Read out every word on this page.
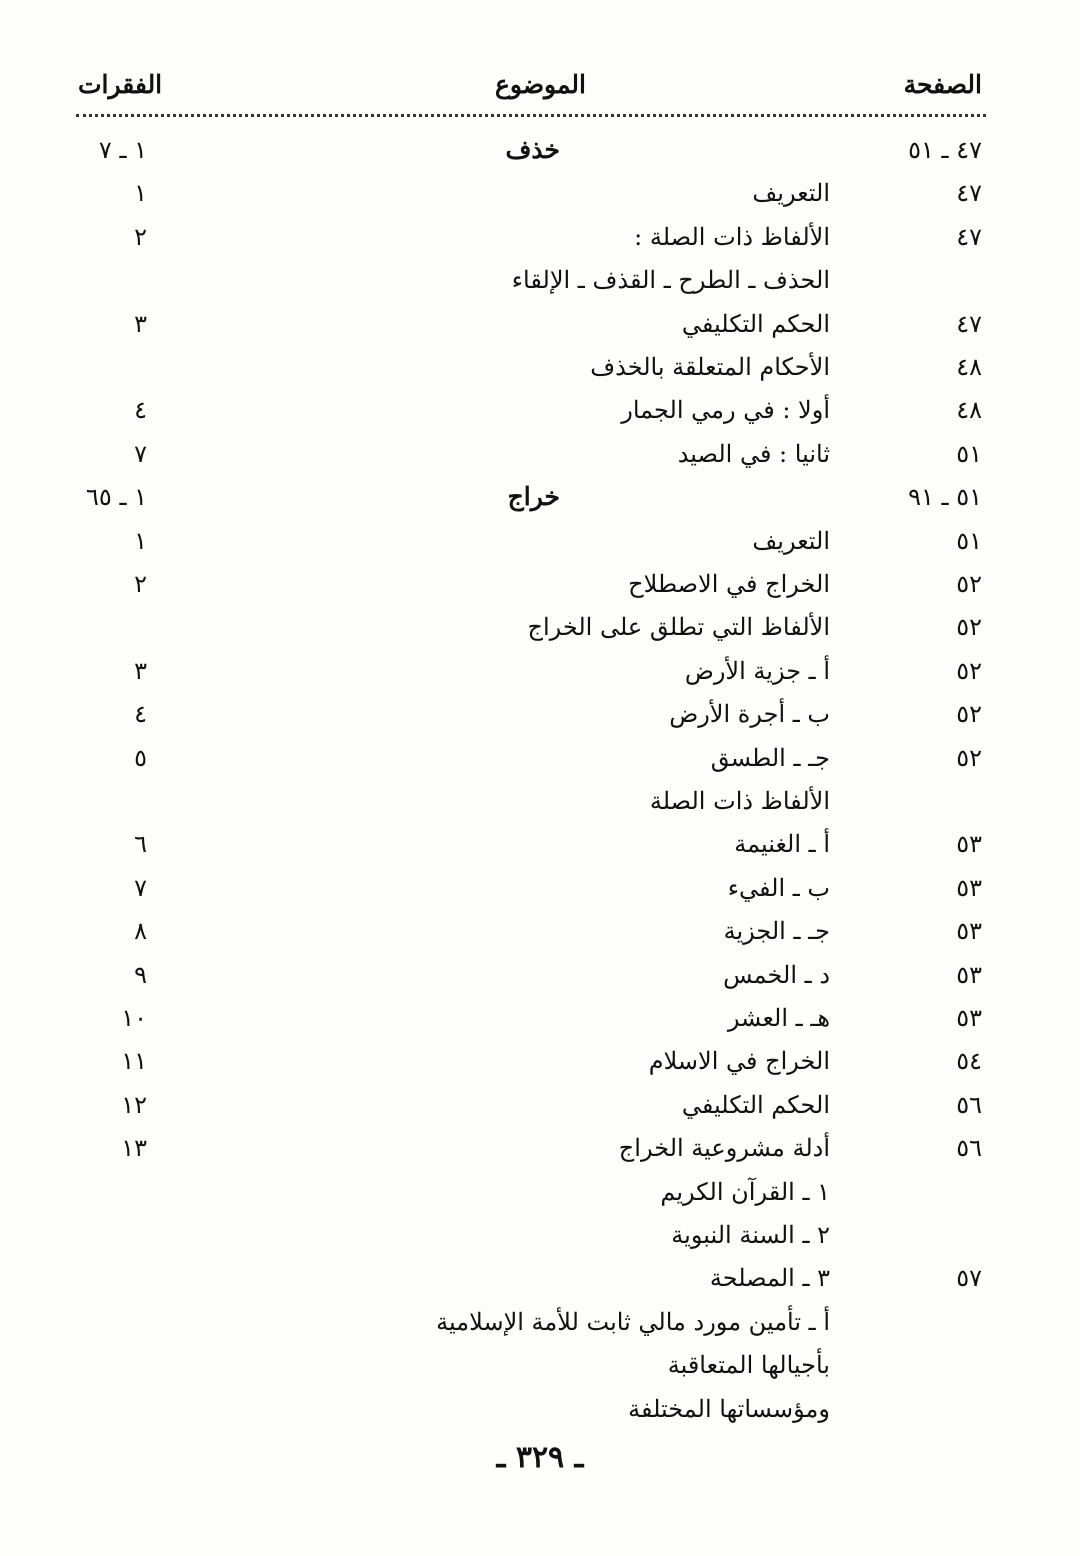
الصفحة
الموضوع
الفقرات
٤٧ ـ ٥١
خذف
١ ـ ٧
٤٧
التعريف
١
٤٧
الألفاظ ذات الصلة :
٢
الحذف ـ الطرح ـ القذف ـ الإلقاء
٤٧
الحكم التكليفي
٣
٤٨
الأحكام المتعلقة بالخذف
٤٨
أولا : في رمي الجمار
٤
٥١
ثانيا : في الصيد
٧
٥١ ـ ٩١
خراج
١ ـ ٦٥
٥١
التعريف
١
٥٢
الخراج في الاصطلاح
٢
٥٢
الألفاظ التي تطلق على الخراج
٥٢
أ ـ جزية الأرض
٣
٥٢
ب ـ أجرة الأرض
٤
٥٢
جـ ـ الطسق
٥
الألفاظ ذات الصلة
٥٣
أ ـ الغنيمة
٦
٥٣
ب ـ الفيء
٧
٥٣
جـ ـ الجزية
٨
٥٣
د ـ الخمس
٩
٥٣
هـ ـ العشر
١٠
٥٤
الخراج في الاسلام
١١
٥٦
الحكم التكليفي
١٢
٥٦
أدلة مشروعية الخراج
١٣
١ ـ القرآن الكريم
٢ ـ السنة النبوية
٥٧
٣ ـ المصلحة
أ ـ تأمين مورد مالي ثابت للأمة الإسلامية
بأجيالها المتعاقبة
ومؤسساتها المختلفة
ـ ٣٢٩ ـ
